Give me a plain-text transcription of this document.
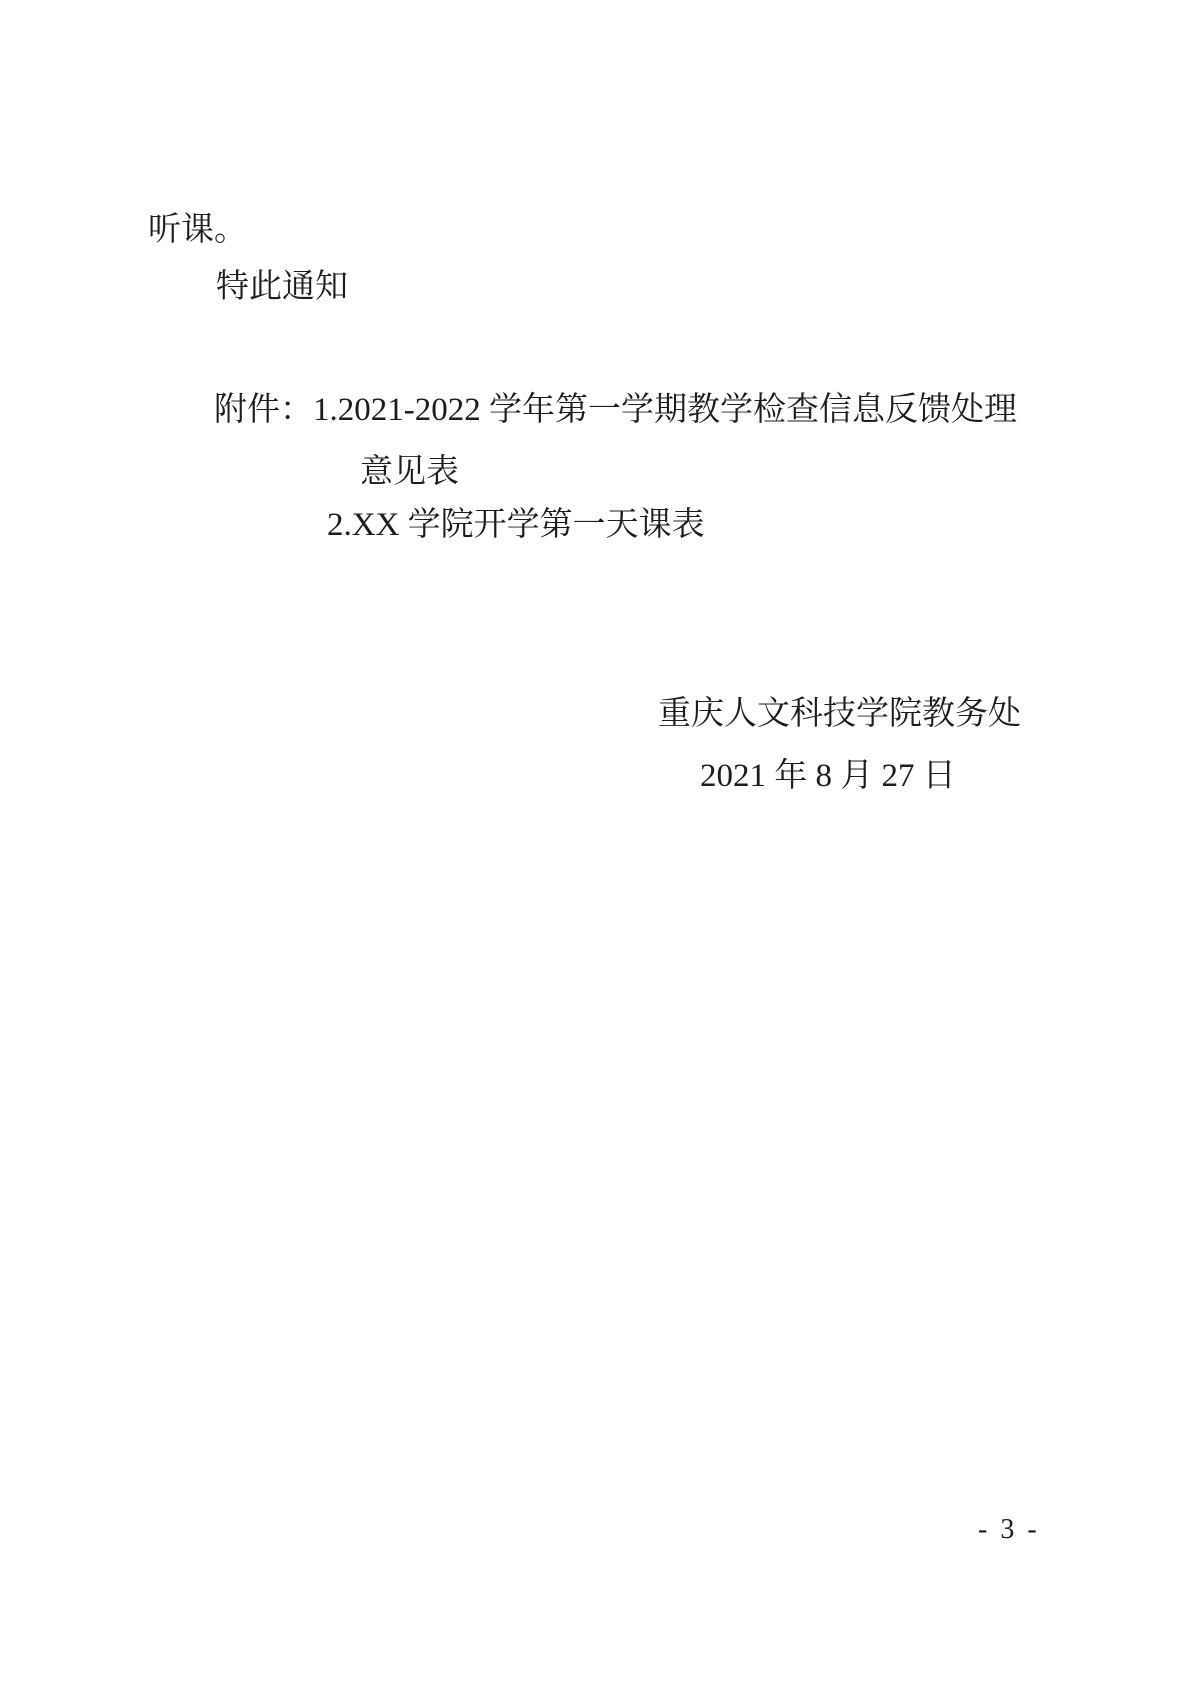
听课。
特此通知
附件：1.2021-2022 学年第一学期教学检查信息反馈处理
意见表
2.XX 学院开学第一天课表
重庆人文科技学院教务处
2021 年 8 月 27 日
- 3 -
